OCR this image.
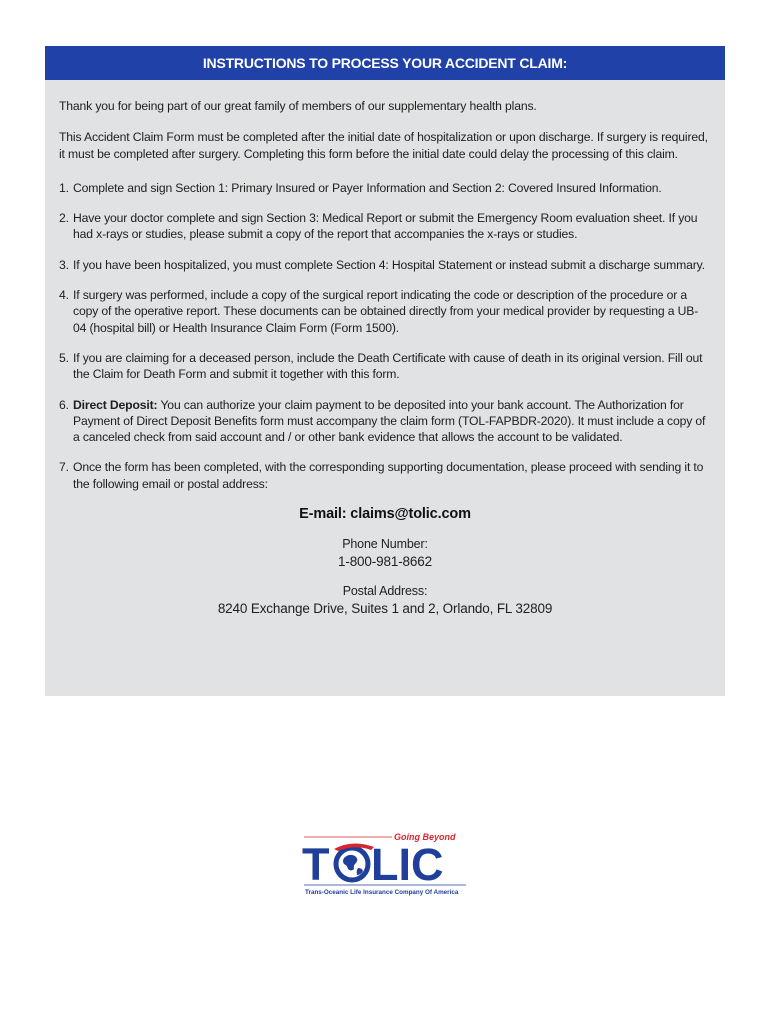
INSTRUCTIONS TO PROCESS YOUR ACCIDENT CLAIM:

Thank you for being part of our great family of members of our supplementary health plans.

This Accident Claim Form must be completed after the initial date of hospitalization or upon discharge. If surgery is required, it must be completed after surgery. Completing this form before the initial date could delay the processing of this claim.

1. Complete and sign Section 1: Primary Insured or Payer Information and Section 2: Covered Insured Information.
2. Have your doctor complete and sign Section 3: Medical Report or submit the Emergency Room evaluation sheet. If you had x-rays or studies, please submit a copy of the report that accompanies the x-rays or studies.
3. If you have been hospitalized, you must complete Section 4: Hospital Statement or instead submit a discharge summary.
4. If surgery was performed, include a copy of the surgical report indicating the code or description of the procedure or a copy of the operative report. These documents can be obtained directly from your medical provider by requesting a UB-04 (hospital bill) or Health Insurance Claim Form (Form 1500).
5. If you are claiming for a deceased person, include the Death Certificate with cause of death in its original version. Fill out the Claim for Death Form and submit it together with this form.
6. Direct Deposit: You can authorize your claim payment to be deposited into your bank account. The Authorization for Payment of Direct Deposit Benefits form must accompany the claim form (TOL-FAPBDR-2020). It must include a copy of a canceled check from said account and / or other bank evidence that allows the account to be validated.
7. Once the form has been completed, with the corresponding supporting documentation, please proceed with sending it to the following email or postal address:
E-mail: claims@tolic.com
Phone Number:
1-800-981-8662
Postal Address:
8240 Exchange Drive, Suites 1 and 2, Orlando, FL 32809
Going Beyond
T LIC
Trans-Oceanic Life Insurance Company Of America
